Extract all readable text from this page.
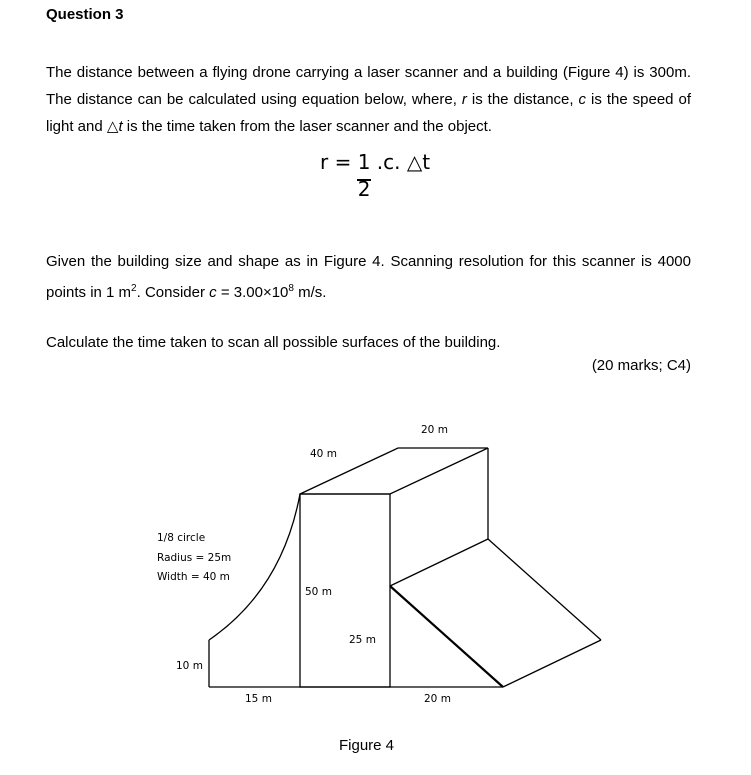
Question 3
The distance between a flying drone carrying a laser scanner and a building (Figure 4) is 300m. The distance can be calculated using equation below, where, r is the distance, c is the speed of light and △t is the time taken from the laser scanner and the object.
$r = \frac{1}{2} .c$. △t
Given the building size and shape as in Figure 4. Scanning resolution for this scanner is 4000 points in 1 $m^2$. Consider $c = 3.00\times 10^8$ m/s.
Calculate the time taken to scan all possible surfaces of the building.
(20 marks; C4)
20 m
40 m
1/8 circle
Radius = 25m
Width = 40 m
50 m
25 m
10 m
15 m	20 m
Figure 4
